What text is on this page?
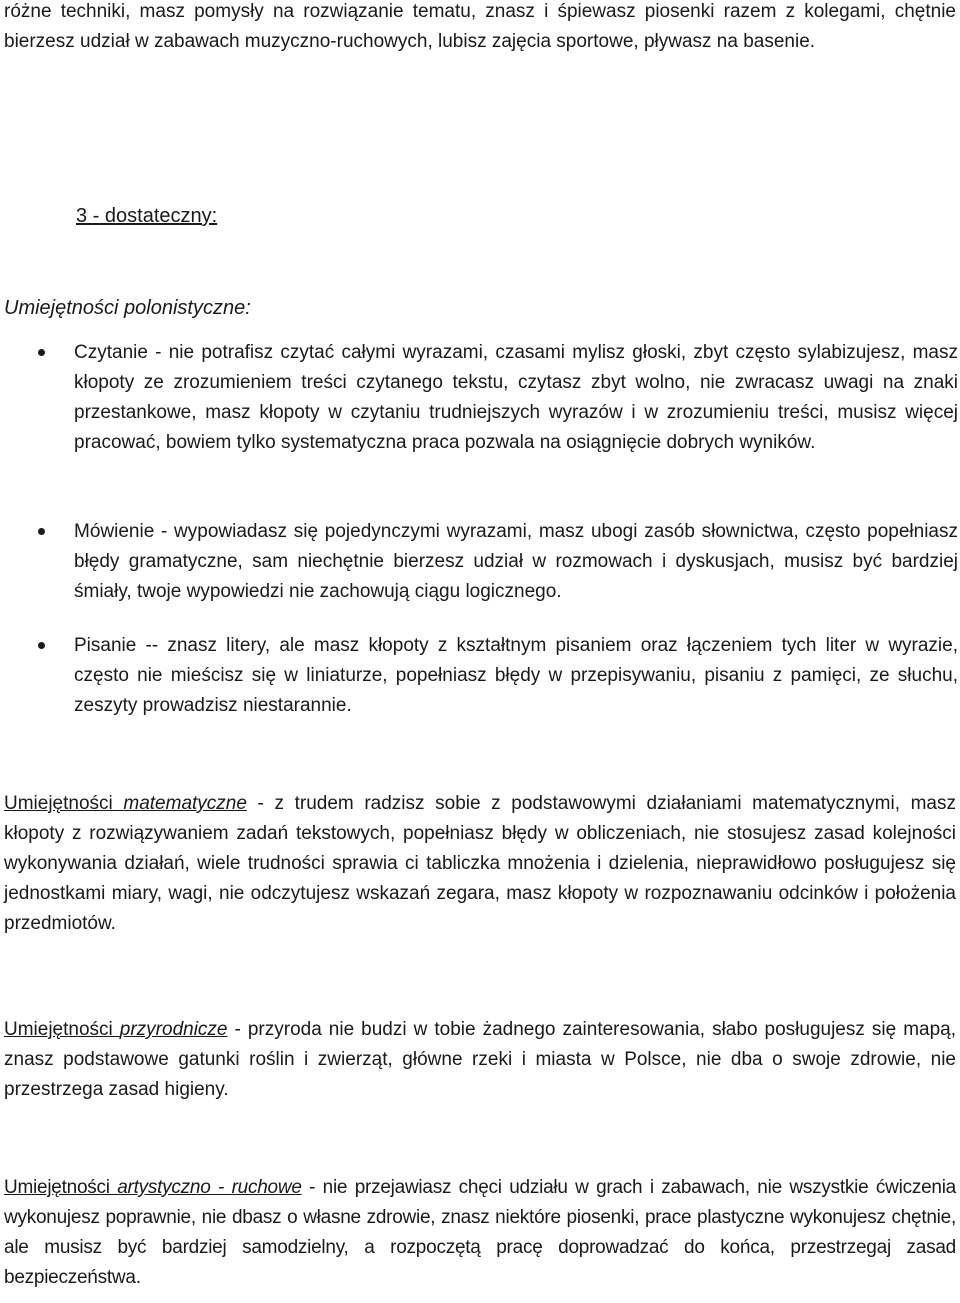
różne techniki, masz pomysły na rozwiązanie tematu, znasz i śpiewasz piosenki razem z kolegami, chętnie bierzesz udział w zabawach muzyczno-ruchowych, lubisz zajęcia sportowe, pływasz na basenie.

3 - dostateczny:

Umiejętności polonistyczne:

Czytanie - nie potrafisz czytać całymi wyrazami, czasami mylisz głoski, zbyt często sylabizujesz, masz kłopoty ze zrozumieniem treści czytanego tekstu, czytasz zbyt wolno, nie zwracasz uwagi na znaki przestankowe, masz kłopoty w czytaniu trudniejszych wyrazów i w zrozumieniu treści, musisz więcej pracować, bowiem tylko systematyczna praca pozwala na osiągnięcie dobrych wyników.

Mówienie - wypowiadasz się pojedynczymi wyrazami, masz ubogi zasób słownictwa, często popełniasz błędy gramatyczne, sam niechętnie bierzesz udział w rozmowach i dyskusjach, musisz być bardziej śmiały, twoje wypowiedzi nie zachowują ciągu logicznego.

Pisanie -- znasz litery, ale masz kłopoty z kształtnym pisaniem oraz łączeniem tych liter w wyrazie, często nie mieścisz się w liniaturze, popełniasz błędy w przepisywaniu, pisaniu z pamięci, ze słuchu, zeszyty prowadzisz niestarannie.

Umiejętności matematyczne - z trudem radzisz sobie z podstawowymi działaniami matematycznymi, masz kłopoty z rozwiązywaniem zadań tekstowych, popełniasz błędy w obliczeniach, nie stosujesz zasad kolejności wykonywania działań, wiele trudności sprawia ci tabliczka mnożenia i dzielenia, nieprawidłowo posługujesz się jednostkami miary, wagi, nie odczytujesz wskazań zegara, masz kłopoty w rozpoznawaniu odcinków i położenia przedmiotów.

Umiejętności przyrodnicze - przyroda nie budzi w tobie żadnego zainteresowania, słabo posługujesz się mapą, znasz podstawowe gatunki roślin i zwierząt, główne rzeki i miasta w Polsce, nie dba o swoje zdrowie, nie przestrzega zasad higieny.

Umiejętności artystyczno - ruchowe - nie przejawiasz chęci udziału w grach i zabawach, nie wszystkie ćwiczenia wykonujesz poprawnie, nie dbasz o własne zdrowie, znasz niektóre piosenki, prace plastyczne wykonujesz chętnie, ale musisz być bardziej samodzielny, a rozpoczętą pracę doprowadzać do końca, przestrzegaj zasad bezpieczeństwa.
